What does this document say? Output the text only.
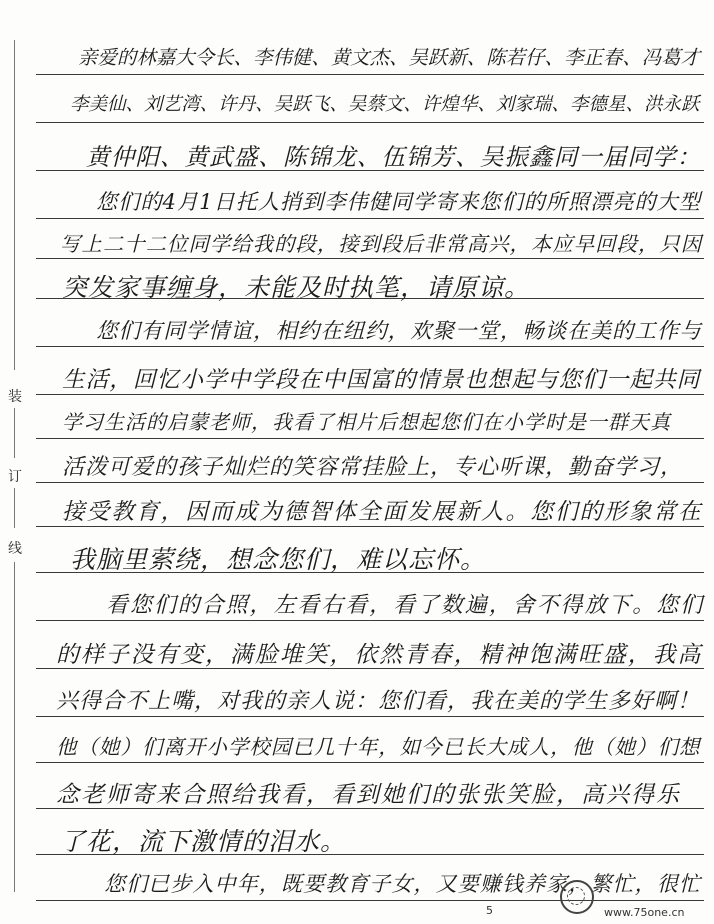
装
订
线
亲爱的林嘉大令长、李伟健、黄文杰、吴跃新、陈若仔、李正春、冯葛才
李美仙、刘艺湾、许丹、吴跃飞、吴蔡文、许煌华、刘家瑞、李德星、洪永跃
黄仲阳、黄武盛、陈锦龙、伍锦芳、吴振鑫同一届同学：
您们的4月1日托人捎到李伟健同学寄来您们的所照漂亮的大型
写上二十二位同学给我的段，接到段后非常高兴，本应早回段，只因
突发家事缠身，未能及时执笔，请原谅。
您们有同学情谊，相约在纽约，欢聚一堂，畅谈在美的工作与
生活，回忆小学中学段在中国富的情景也想起与您们一起共同
学习生活的启蒙老师，我看了相片后想起您们在小学时是一群天真
活泼可爱的孩子灿烂的笑容常挂脸上，专心听课，勤奋学习，
接受教育，因而成为德智体全面发展新人。您们的形象常在
我脑里萦绕，想念您们，难以忘怀。
看您们的合照，左看右看，看了数遍，舍不得放下。您们
的样子没有变，满脸堆笑，依然青春，精神饱满旺盛，我高
兴得合不上嘴，对我的亲人说：您们看，我在美的学生多好啊！
他（她）们离开小学校园已几十年，如今已长大成人，他（她）们想
念老师寄来合照给我看，看到她们的张张笑脸，高兴得乐
了花，流下激情的泪水。
您们已步入中年，既要教育子女，又要赚钱养家，繁忙，很忙
www.75one.cn
5
